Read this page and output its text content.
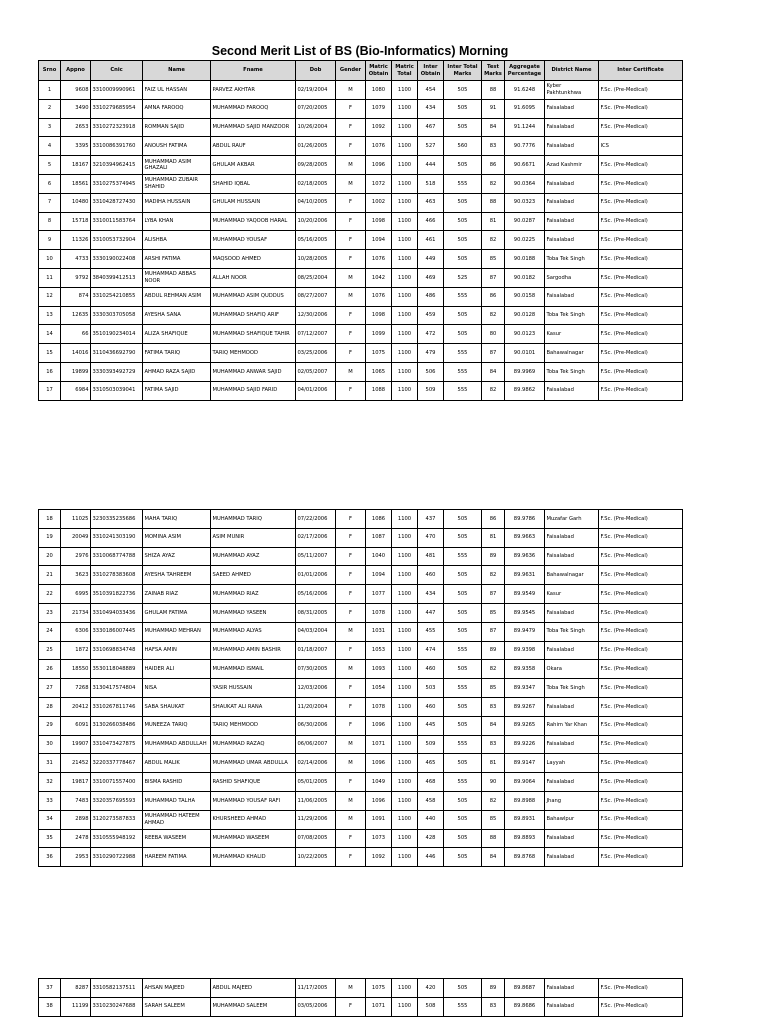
Second Merit List of BS (Bio-Informatics) Morning
Srno	Appno	Cnic	Name	Fname	Dob	Gender	Matric Obtain	Matric Total	Inter Obtain	Inter Total Marks	Test Marks	Aggregate Percentage	District Name	Inter Certificate
1	9608	3310009990961	FAIZ UL HASSAN	PARVEZ AKHTAR	02/19/2004	M	1080	1100	454	505	88	91.6248	Kyber Pakhtunkhwa	F.Sc. (Pre-Medical)
2	3490	3310279685954	AMNA FAROOQ	MUHAMMAD FAROOQ	07/20/2005	F	1079	1100	434	505	91	91.6095	Faisalabad	F.Sc. (Pre-Medical)
3	2653	3310272323918	ROMMAN SAJID	MUHAMMAD SAJID MANZOOR	10/26/2004	F	1092	1100	467	505	84	91.1244	Faisalabad	F.Sc. (Pre-Medical)
4	3395	3310086391760	ANOUSH FATIMA	ABDUL RAUF	01/26/2005	F	1076	1100	527	560	83	90.7776	Faisalabad	ICS
5	18167	3210394962415	MUHAMMAD ASIM GHAZALI	GHULAM AKBAR	09/28/2005	M	1096	1100	444	505	86	90.6671	Azad Kashmir	F.Sc. (Pre-Medical)
6	18561	3310275374945	MUHAMMAD ZUBAIR SHAHID	SHAHID IQBAL	02/18/2005	M	1072	1100	518	555	82	90.0364	Faisalabad	F.Sc. (Pre-Medical)
7	10480	3310428727430	MADIHA HUSSAIN	GHULAM HUSSAIN	04/10/2005	F	1002	1100	463	505	88	90.0323	Faisalabad	F.Sc. (Pre-Medical)
8	15718	3310011583764	LYBA KHAN	MUHAMMAD YAQOOB HARAL	10/20/2006	F	1098	1100	466	505	81	90.0287	Faisalabad	F.Sc. (Pre-Medical)
9	11326	3310053732904	ALISHBA	MUHAMMAD YOUSAF	05/16/2005	F	1094	1100	461	505	82	90.0225	Faisalabad	F.Sc. (Pre-Medical)
10	4733	3330190022408	ARSHI FATIMA	MAQSOOD AHMED	10/28/2005	F	1076	1100	449	505	85	90.0188	Toba Tek Singh	F.Sc. (Pre-Medical)
11	9792	3840399412513	MUHAMMAD ABBAS NOOR	ALLAH NOOR	08/25/2004	M	1042	1100	469	525	87	90.0182	Sargodha	F.Sc. (Pre-Medical)
12	874	3310254210855	ABDUL REHMAN ASIM	MUHAMMAD ASIM QUDDUS	08/27/2007	M	1076	1100	486	555	86	90.0158	Faisalabad	F.Sc. (Pre-Medical)
13	12635	3330303705058	AYESHA SANA	MUHAMMAD SHAFIQ ARIF	12/30/2006	F	1098	1100	459	505	82	90.0128	Toba Tek Singh	F.Sc. (Pre-Medical)
14	66	3510190234014	ALIZA SHAFIQUE	MUHAMMAD SHAFIQUE TAHIR	07/12/2007	F	1099	1100	472	505	80	90.0123	Kasur	F.Sc. (Pre-Medical)
15	14016	3110436692790	FATIMA TARIQ	TARIQ MEHMOOD	03/25/2006	F	1075	1100	479	555	87	90.0101	Bahawalnagar	F.Sc. (Pre-Medical)
16	19899	3330393492729	AHMAD RAZA SAJID	MUHAMMAD ANWAR SAJID	02/05/2007	M	1065	1100	506	555	84	89.9969	Toba Tek Singh	F.Sc. (Pre-Medical)
17	6984	3310503039041	FATIMA SAJID	MUHAMMAD SAJID FARID	04/01/2006	F	1088	1100	509	555	82	89.9862	Faisalabad	F.Sc. (Pre-Medical)
18	11025	3230335235686	MAHA TARIQ	MUHAMMAD TARIQ	07/22/2006	F	1086	1100	437	505	86	89.9786	Muzafar Garh	F.Sc. (Pre-Medical)
19	20049	3310241303190	MOMINA ASIM	ASIM MUNIR	02/17/2006	F	1087	1100	470	505	81	89.9663	Faisalabad	F.Sc. (Pre-Medical)
20	2976	3310068774788	SHIZA AYAZ	MUHAMMAD AYAZ	05/11/2007	F	1040	1100	481	555	89	89.9636	Faisalabad	F.Sc. (Pre-Medical)
21	3623	3310278383608	AYESHA TAHREEM	SAEED AHMED	01/01/2006	F	1094	1100	460	505	82	89.9631	Bahawalnagar	F.Sc. (Pre-Medical)
22	6995	3510391822736	ZAINAB RIAZ	MUHAMMAD RIAZ	05/16/2006	F	1077	1100	434	505	87	89.9549	Kasur	F.Sc. (Pre-Medical)
23	21734	3310494033436	GHULAM FATIMA	MUHAMMAD YASEEN	08/31/2005	F	1078	1100	447	505	85	89.9545	Faisalabad	F.Sc. (Pre-Medical)
24	6306	3330186007445	MUHAMMAD MEHRAN	MUHAMMAD ALYAS	04/03/2004	M	1031	1100	455	505	87	89.9479	Toba Tek Singh	F.Sc. (Pre-Medical)
25	1872	3310698834748	HAFSA AMIN	MUHAMMAD AMIN BASHIR	01/18/2007	F	1053	1100	474	555	89	89.9398	Faisalabad	F.Sc. (Pre-Medical)
26	18550	3530118048889	HAIDER ALI	MUHAMMAD ISMAIL	07/30/2005	M	1093	1100	460	505	82	89.9358	Okara	F.Sc. (Pre-Medical)
27	7268	3130417574804	NISA	YASIR HUSSAIN	12/03/2006	F	1054	1100	503	555	85	89.9347	Toba Tek Singh	F.Sc. (Pre-Medical)
28	20412	3310267811746	SABA SHAUKAT	SHAUKAT ALI RANA	11/20/2004	F	1078	1100	460	505	83	89.9267	Faisalabad	F.Sc. (Pre-Medical)
29	6091	3130266038486	MUNEEZA TARIQ	TARIQ MEHMOOD	06/30/2006	F	1096	1100	445	505	84	89.9265	Rahim Yar Khan	F.Sc. (Pre-Medical)
30	19907	3310473427875	MUHAMMAD ABDULLAH	MUHAMMAD RAZAQ	06/06/2007	M	1071	1100	509	555	83	89.9226	Faisalabad	F.Sc. (Pre-Medical)
31	21452	3220337778467	ABDUL MALIK	MUHAMMAD UMAR ABDULLA	02/14/2006	M	1096	1100	465	505	81	89.9147	Layyah	F.Sc. (Pre-Medical)
32	19817	3310071557400	BISMA RASHID	RASHID SHAFIQUE	05/01/2005	F	1049	1100	468	555	90	89.9064	Faisalabad	F.Sc. (Pre-Medical)
33	7483	3320357695593	MUHAMMAD TALHA	MUHAMMAD YOUSAF RAFI	11/06/2005	M	1096	1100	458	505	82	89.8988	Jhang	F.Sc. (Pre-Medical)
34	2898	3120273587833	MUHAMMAD HATEEM AHMAD	KHURSHEED AHMAD	11/29/2006	M	1091	1100	440	505	85	89.8931	Bahawlpur	F.Sc. (Pre-Medical)
35	2478	3310555948192	REEBA WASEEM	MUHAMMAD WASEEM	07/08/2005	F	1073	1100	428	505	88	89.8893	Faisalabad	F.Sc. (Pre-Medical)
36	2953	3310290722988	HAREEM FATIMA	MUHAMMAD KHALID	10/22/2005	F	1092	1100	446	505	84	89.8768	Faisalabad	F.Sc. (Pre-Medical)
37	8287	3310582137511	AHSAN MAJEED	ABDUL MAJEED	11/17/2005	M	1075	1100	420	505	89	89.8687	Faisalabad	F.Sc. (Pre-Medical)
38	11199	3310230247688	SARAH SALEEM	MUHAMMAD SALEEM	03/05/2006	F	1071	1100	508	555	83	89.8686	Faisalabad	F.Sc. (Pre-Medical)
